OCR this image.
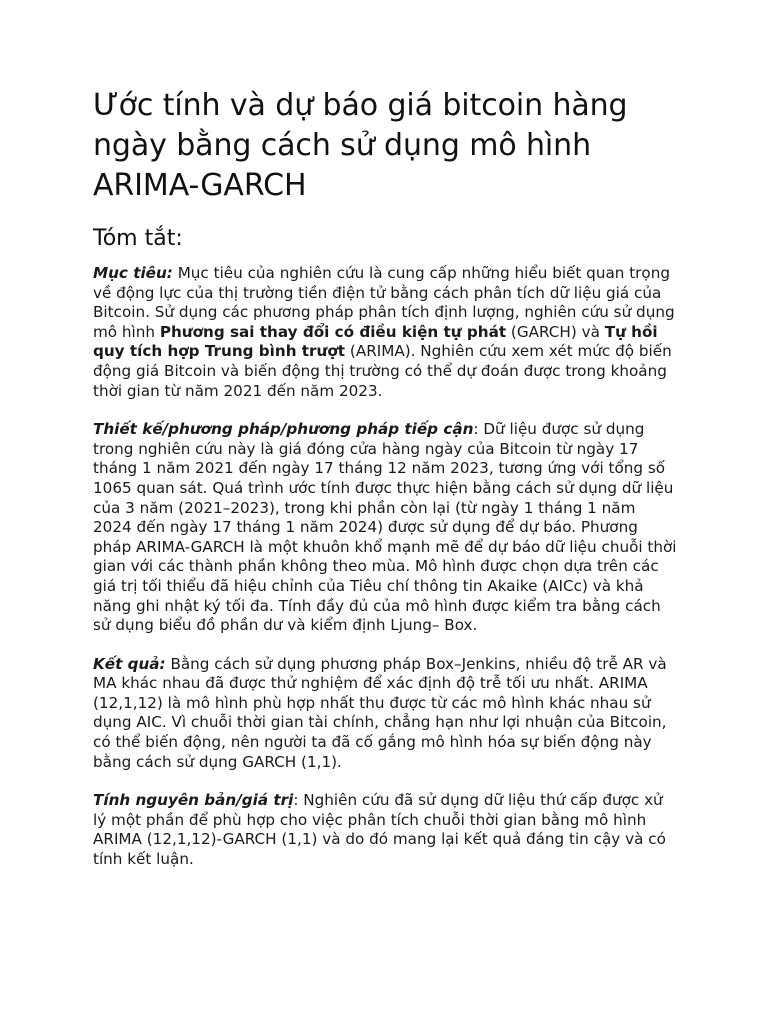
Ước tính và dự báo giá bitcoin hàng ngày bằng cách sử dụng mô hình ARIMA-GARCH
Tóm tắt:

Mục tiêu: Mục tiêu của nghiên cứu là cung cấp những hiểu biết quan trọng về động lực của thị trường tiền điện tử bằng cách phân tích dữ liệu giá của Bitcoin. Sử dụng các phương pháp phân tích định lượng, nghiên cứu sử dụng mô hình Phương sai thay đổi có điều kiện tự phát (GARCH) và Tự hồi quy tích hợp Trung bình trượt (ARIMA). Nghiên cứu xem xét mức độ biến động giá Bitcoin và biến động thị trường có thể dự đoán được trong khoảng thời gian từ năm 2021 đến năm 2023.

Thiết kế/phương pháp/phương pháp tiếp cận: Dữ liệu được sử dụng trong nghiên cứu này là giá đóng cửa hàng ngày của Bitcoin từ ngày 17 tháng 1 năm 2021 đến ngày 17 tháng 12 năm 2023, tương ứng với tổng số 1065 quan sát. Quá trình ước tính được thực hiện bằng cách sử dụng dữ liệu của 3 năm (2021–2023), trong khi phần còn lại (từ ngày 1 tháng 1 năm 2024 đến ngày 17 tháng 1 năm 2024) được sử dụng để dự báo. Phương pháp ARIMA-GARCH là một khuôn khổ mạnh mẽ để dự báo dữ liệu chuỗi thời gian với các thành phần không theo mùa. Mô hình được chọn dựa trên các giá trị tối thiểu đã hiệu chỉnh của Tiêu chí thông tin Akaike (AICc) và khả năng ghi nhật ký tối đa. Tính đầy đủ của mô hình được kiểm tra bằng cách sử dụng biểu đồ phần dư và kiểm định Ljung– Box.

Kết quả: Bằng cách sử dụng phương pháp Box–Jenkins, nhiều độ trễ AR và MA khác nhau đã được thử nghiệm để xác định độ trễ tối ưu nhất. ARIMA (12,1,12) là mô hình phù hợp nhất thu được từ các mô hình khác nhau sử dụng AIC. Vì chuỗi thời gian tài chính, chẳng hạn như lợi nhuận của Bitcoin, có thể biến động, nên người ta đã cố gắng mô hình hóa sự biến động này bằng cách sử dụng GARCH (1,1).

Tính nguyên bản/giá trị: Nghiên cứu đã sử dụng dữ liệu thứ cấp được xử lý một phần để phù hợp cho việc phân tích chuỗi thời gian bằng mô hình ARIMA (12,1,12)-GARCH (1,1) và do đó mang lại kết quả đáng tin cậy và có tính kết luận.
